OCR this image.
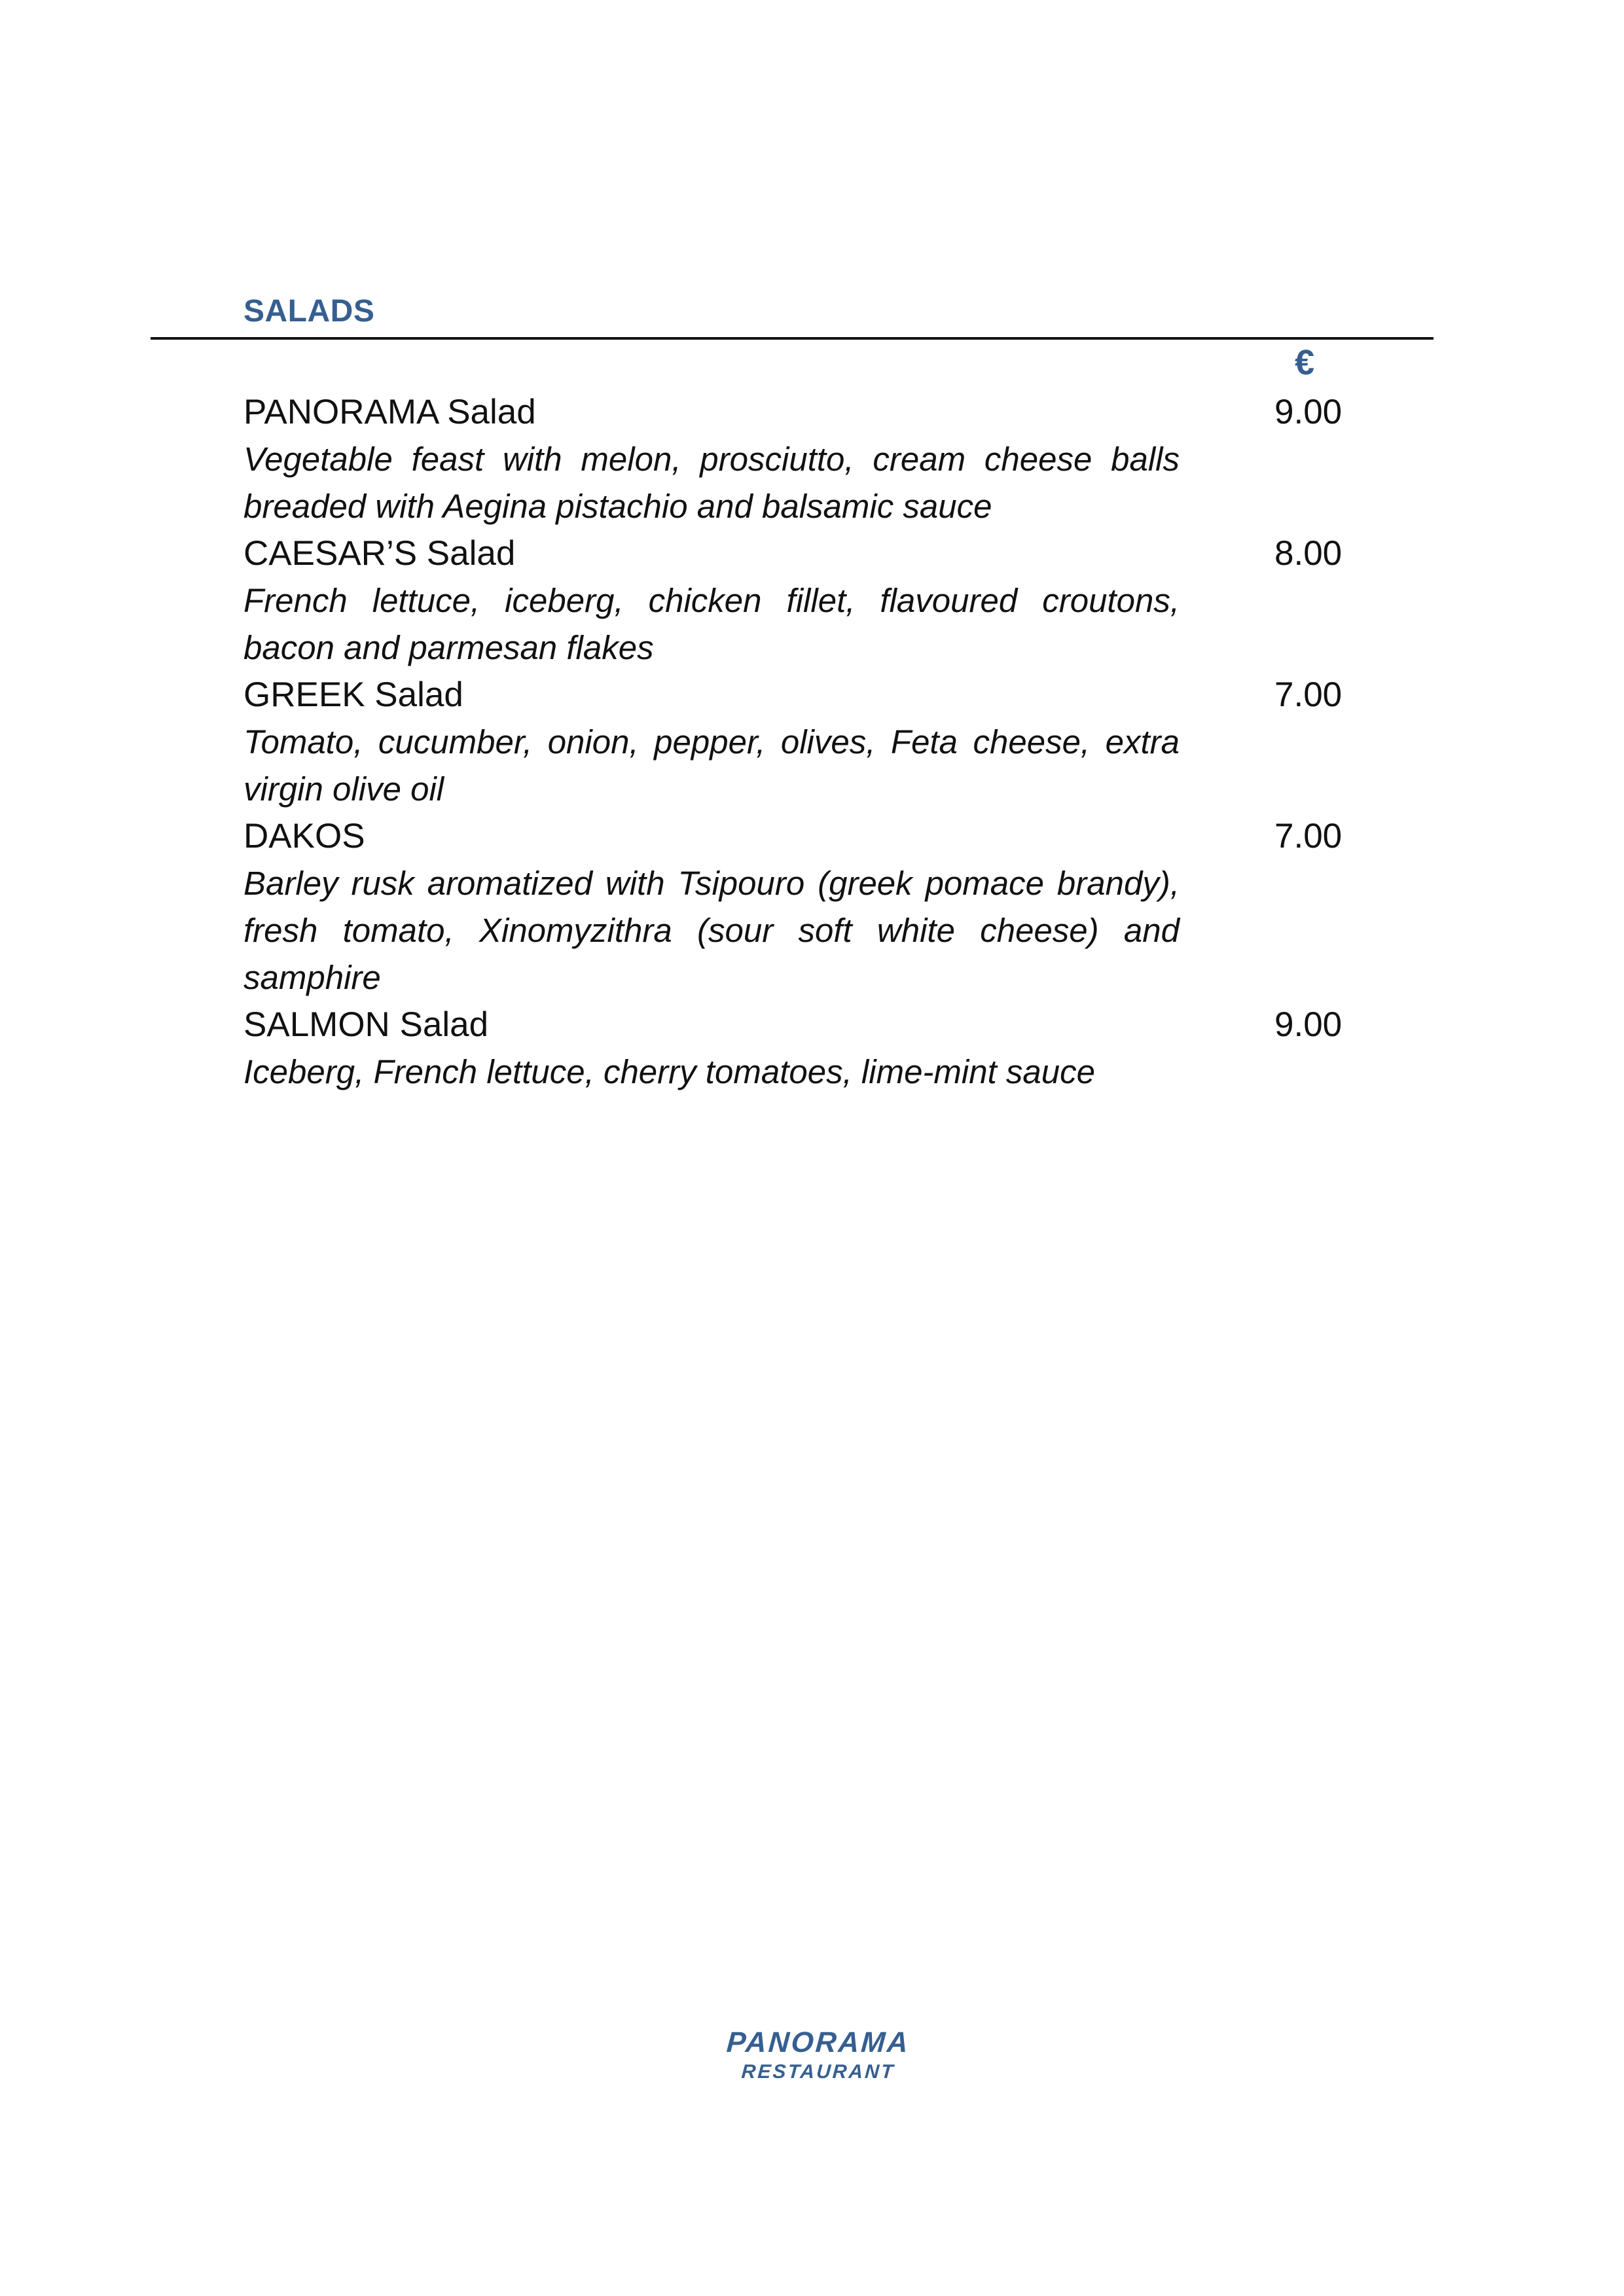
SALADS
€
PANORAMA Salad	9.00
Vegetable feast with melon, prosciutto, cream cheese balls breaded with Aegina pistachio and balsamic sauce
CAESAR’S Salad	8.00
French lettuce, iceberg, chicken fillet, flavoured croutons, bacon and parmesan flakes
GREEK Salad	7.00
Tomato, cucumber, onion, pepper, olives, Feta cheese, extra virgin olive oil
DAKOS	7.00
Barley rusk aromatized with Tsipouro (greek pomace brandy), fresh tomato, Xinomyzithra (sour soft white cheese) and samphire
SALMON Salad	9.00
Iceberg, French lettuce, cherry tomatoes, lime-mint sauce
PANORAMA
RESTAURANT
